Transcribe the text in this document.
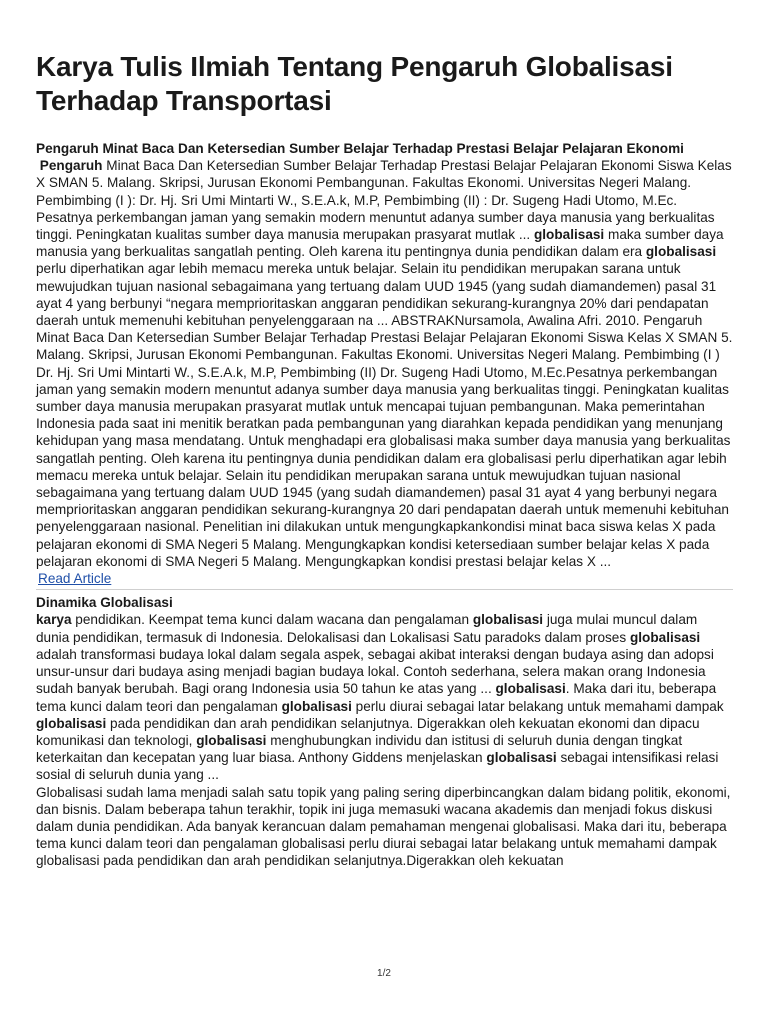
Karya Tulis Ilmiah Tentang Pengaruh Globalisasi Terhadap Transportasi
Pengaruh Minat Baca Dan Ketersedian Sumber Belajar Terhadap Prestasi Belajar Pelajaran Ekonomi
Pengaruh Minat Baca Dan Ketersedian Sumber Belajar Terhadap Prestasi Belajar Pelajaran Ekonomi Siswa Kelas X SMAN 5. Malang. Skripsi, Jurusan Ekonomi Pembangunan. Fakultas Ekonomi. Universitas Negeri Malang. Pembimbing (I ): Dr. Hj. Sri Umi Mintarti W., S.E.A.k, M.P, Pembimbing (II) : Dr. Sugeng Hadi Utomo, M.Ec. Pesatnya perkembangan jaman yang semakin modern menuntut adanya sumber daya manusia yang berkualitas tinggi. Peningkatan kualitas sumber daya manusia merupakan prasyarat mutlak ... globalisasi maka sumber daya manusia yang berkualitas sangatlah penting. Oleh karena itu pentingnya dunia pendidikan dalam era globalisasi perlu diperhatikan agar lebih memacu mereka untuk belajar. Selain itu pendidikan merupakan sarana untuk mewujudkan tujuan nasional sebagaimana yang tertuang dalam UUD 1945 (yang sudah diamandemen) pasal 31 ayat 4 yang berbunyi “negara memprioritaskan anggaran pendidikan sekurang-kurangnya 20% dari pendapatan daerah untuk memenuhi kebituhan penyelenggaraan na ... ABSTRAKNursamola, Awalina Afri. 2010. Pengaruh Minat Baca Dan Ketersedian Sumber Belajar Terhadap Prestasi Belajar Pelajaran Ekonomi Siswa Kelas X SMAN 5. Malang. Skripsi, Jurusan Ekonomi Pembangunan. Fakultas Ekonomi. Universitas Negeri Malang. Pembimbing (I ) Dr. Hj. Sri Umi Mintarti W., S.E.A.k, M.P, Pembimbing (II) Dr. Sugeng Hadi Utomo, M.Ec.Pesatnya perkembangan jaman yang semakin modern menuntut adanya sumber daya manusia yang berkualitas tinggi. Peningkatan kualitas sumber daya manusia merupakan prasyarat mutlak untuk mencapai tujuan pembangunan. Maka pemerintahan Indonesia pada saat ini menitik beratkan pada pembangunan yang diarahkan kepada pendidikan yang menunjang kehidupan yang masa mendatang. Untuk menghadapi era globalisasi maka sumber daya manusia yang berkualitas sangatlah penting. Oleh karena itu pentingnya dunia pendidikan dalam era globalisasi perlu diperhatikan agar lebih memacu mereka untuk belajar. Selain itu pendidikan merupakan sarana untuk mewujudkan tujuan nasional sebagaimana yang tertuang dalam UUD 1945 (yang sudah diamandemen) pasal 31 ayat 4 yang berbunyi negara memprioritaskan anggaran pendidikan sekurang-kurangnya 20 dari pendapatan daerah untuk memenuhi kebituhan penyelenggaraan nasional. Penelitian ini dilakukan untuk mengungkapkankondisi minat baca siswa kelas X pada pelajaran ekonomi di SMA Negeri 5 Malang. Mengungkapkan kondisi ketersediaan sumber belajar kelas X pada pelajaran ekonomi di SMA Negeri 5 Malang. Mengungkapkan kondisi prestasi belajar kelas X ...
Read Article
Dinamika Globalisasi
karya pendidikan. Keempat tema kunci dalam wacana dan pengalaman globalisasi juga mulai muncul dalam dunia pendidikan, termasuk di Indonesia. Delokalisasi dan Lokalisasi Satu paradoks dalam proses globalisasi adalah transformasi budaya lokal dalam segala aspek, sebagai akibat interaksi dengan budaya asing dan adopsi unsur-unsur dari budaya asing menjadi bagian budaya lokal. Contoh sederhana, selera makan orang Indonesia sudah banyak berubah. Bagi orang Indonesia usia 50 tahun ke atas yang ... globalisasi. Maka dari itu, beberapa tema kunci dalam teori dan pengalaman globalisasi perlu diurai sebagai latar belakang untuk memahami dampak globalisasi pada pendidikan dan arah pendidikan selanjutnya. Digerakkan oleh kekuatan ekonomi dan dipacu komunikasi dan teknologi, globalisasi menghubungkan individu dan istitusi di seluruh dunia dengan tingkat keterkaitan dan kecepatan yang luar biasa. Anthony Giddens menjelaskan globalisasi sebagai intensifikasi relasi sosial di seluruh dunia yang ...
Globalisasi sudah lama menjadi salah satu topik yang paling sering diperbincangkan dalam bidang politik, ekonomi, dan bisnis. Dalam beberapa tahun terakhir, topik ini juga memasuki wacana akademis dan menjadi fokus diskusi dalam dunia pendidikan. Ada banyak kerancuan dalam pemahaman mengenai globalisasi. Maka dari itu, beberapa tema kunci dalam teori dan pengalaman globalisasi perlu diurai sebagai latar belakang untuk memahami dampak globalisasi pada pendidikan dan arah pendidikan selanjutnya.Digerakkan oleh kekuatan
1/2
